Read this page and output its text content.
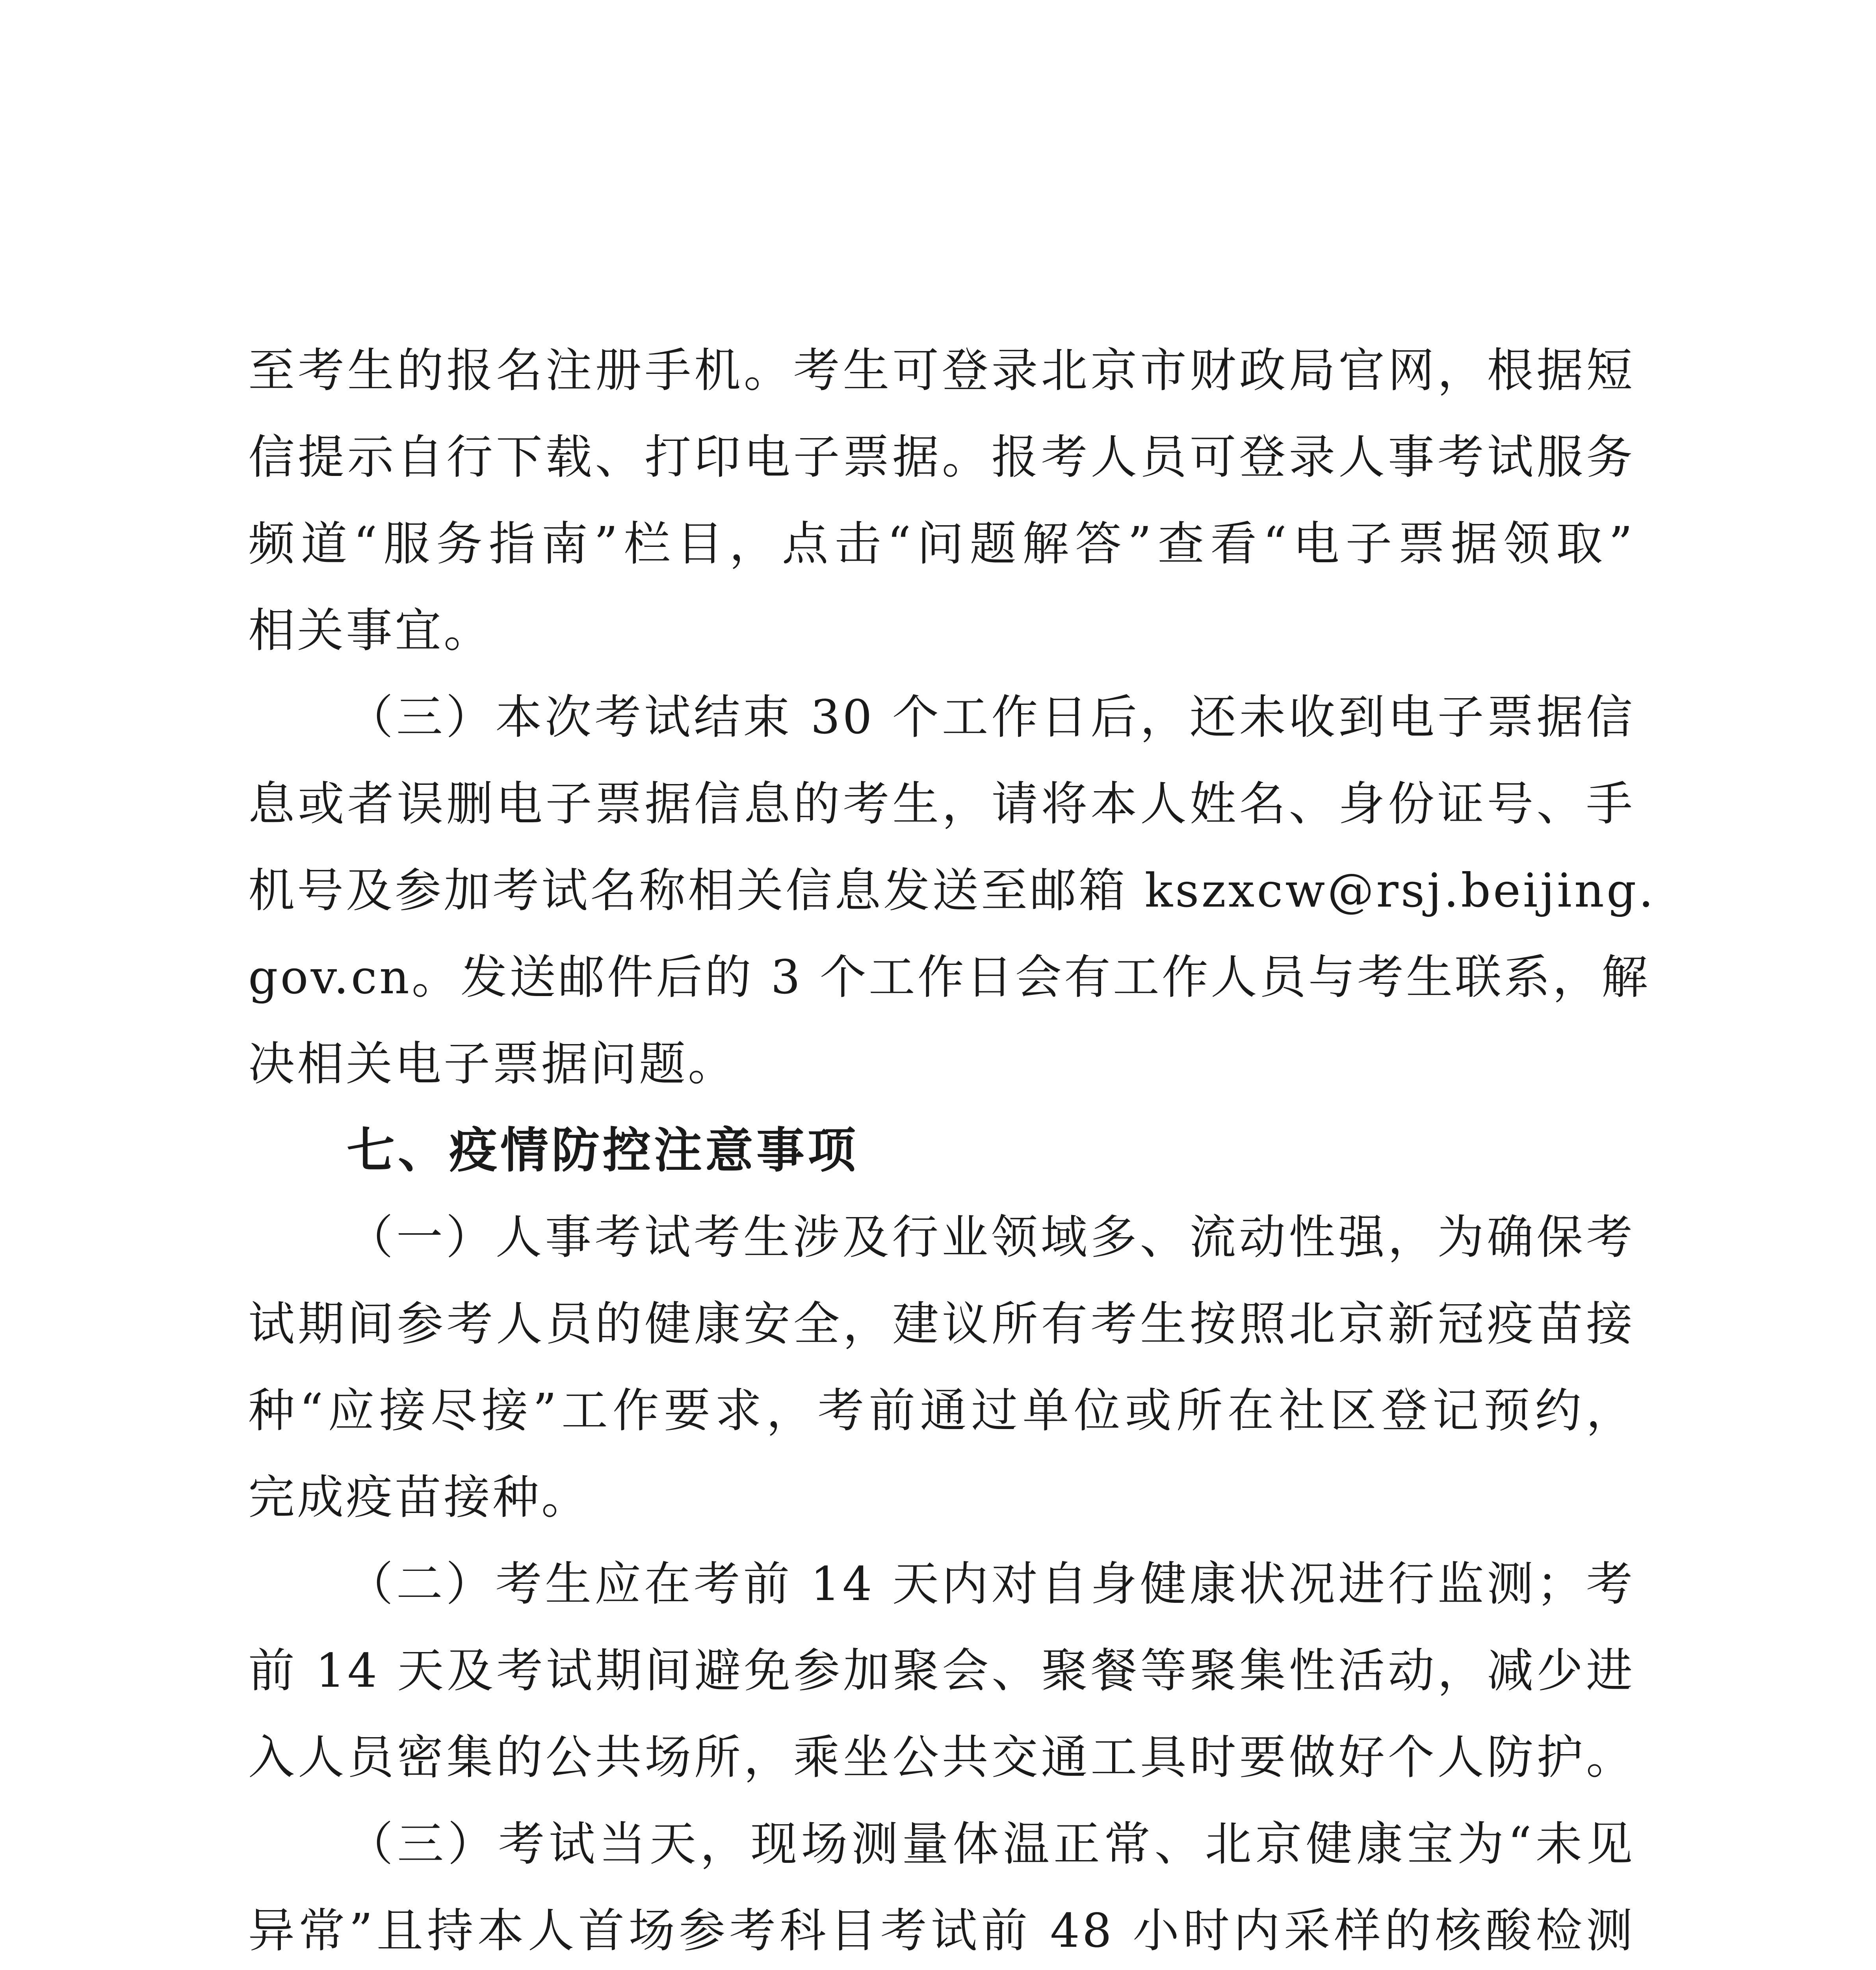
至考生的报名注册手机。考生可登录北京市财政局官网，根据短
信提示自行下载、打印电子票据。报考人员可登录人事考试服务
频道“服务指南”栏目，点击“问题解答”查看“电子票据领取”
相关事宜。
（三）本次考试结束 30 个工作日后，还未收到电子票据信
息或者误删电子票据信息的考生，请将本人姓名、身份证号、手
机号及参加考试名称相关信息发送至邮箱 kszxcw@rsj.beijing.
gov.cn。发送邮件后的 3 个工作日会有工作人员与考生联系，解
决相关电子票据问题。
七、疫情防控注意事项
（一）人事考试考生涉及行业领域多、流动性强，为确保考
试期间参考人员的健康安全，建议所有考生按照北京新冠疫苗接
种“应接尽接”工作要求，考前通过单位或所在社区登记预约，
完成疫苗接种。
（二）考生应在考前 14 天内对自身健康状况进行监测；考
前 14 天及考试期间避免参加聚会、聚餐等聚集性活动，减少进
入人员密集的公共场所，乘坐公共交通工具时要做好个人防护。
（三）考试当天，现场测量体温正常、北京健康宝为“未见
异常”且持本人首场参考科目考试前 48 小时内采样的核酸检测
